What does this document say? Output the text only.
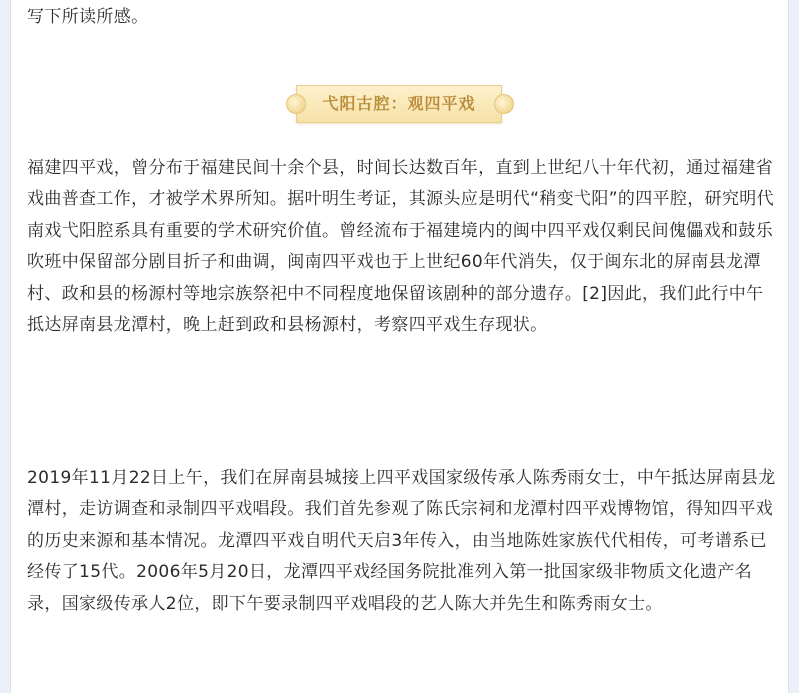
写下所读所感。

弋阳古腔：观四平戏

福建四平戏，曾分布于福建民间十余个县，时间长达数百年，直到上世纪八十年代初，通过福建省戏曲普查工作，才被学术界所知。据叶明生考证，其源头应是明代“稍变弋阳”的四平腔，研究明代南戏弋阳腔系具有重要的学术研究价值。曾经流布于福建境内的闽中四平戏仅剩民间傀儡戏和鼓乐吹班中保留部分剧目折子和曲调，闽南四平戏也于上世纪60年代消失，仅于闽东北的屏南县龙潭村、政和县的杨源村等地宗族祭祀中不同程度地保留该剧种的部分遗存。[2]因此，我们此行中午抵达屏南县龙潭村，晚上赶到政和县杨源村，考察四平戏生存现状。

2019年11月22日上午，我们在屏南县城接上四平戏国家级传承人陈秀雨女士，中午抵达屏南县龙潭村，走访调查和录制四平戏唱段。我们首先参观了陈氏宗祠和龙潭村四平戏博物馆，得知四平戏的历史来源和基本情况。龙潭四平戏自明代天启3年传入，由当地陈姓家族代代相传，可考谱系已经传了15代。2006年5月20日，龙潭四平戏经国务院批准列入第一批国家级非物质文化遗产名录，国家级传承人2位，即下午要录制四平戏唱段的艺人陈大并先生和陈秀雨女士。
